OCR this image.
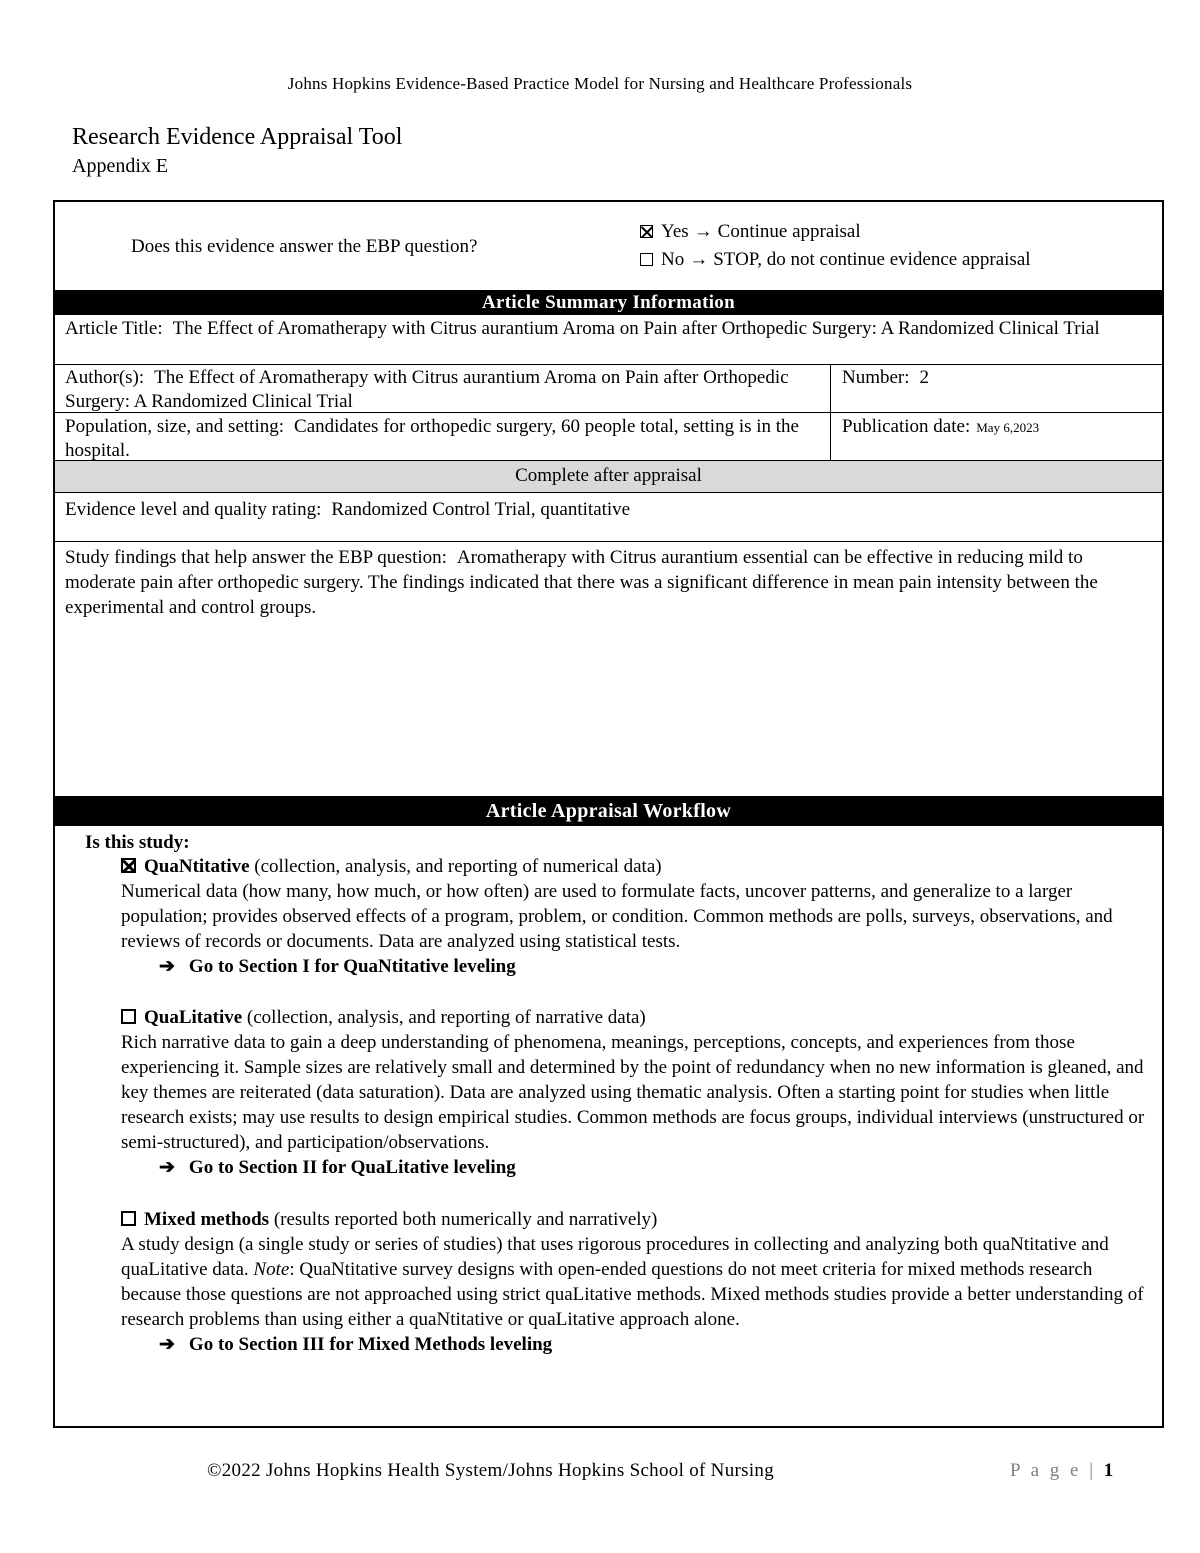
Johns Hopkins Evidence-Based Practice Model for Nursing and Healthcare Professionals
Research Evidence Appraisal Tool
Appendix E
Does this evidence answer the EBP question?
Yes → Continue appraisal
No → STOP, do not continue evidence appraisal
Article Summary Information
Article Title: The Effect of Aromatherapy with Citrus aurantium Aroma on Pain after Orthopedic Surgery: A Randomized Clinical Trial
Author(s): The Effect of Aromatherapy with Citrus aurantium Aroma on Pain after Orthopedic Surgery: A Randomized Clinical Trial
Number: 2
Population, size, and setting: Candidates for orthopedic surgery, 60 people total, setting is in the hospital.
Publication date: May 6,2023
Complete after appraisal
Evidence level and quality rating: Randomized Control Trial, quantitative
Study findings that help answer the EBP question: Aromatherapy with Citrus aurantium essential can be effective in reducing mild to moderate pain after orthopedic surgery. The findings indicated that there was a significant difference in mean pain intensity between the experimental and control groups.
Article Appraisal Workflow
Is this study:
QuaNtitative (collection, analysis, and reporting of numerical data)
Numerical data (how many, how much, or how often) are used to formulate facts, uncover patterns, and generalize to a larger population; provides observed effects of a program, problem, or condition. Common methods are polls, surveys, observations, and reviews of records or documents. Data are analyzed using statistical tests.
➔ Go to Section I for QuaNtitative leveling
QuaLitative (collection, analysis, and reporting of narrative data)
Rich narrative data to gain a deep understanding of phenomena, meanings, perceptions, concepts, and experiences from those experiencing it. Sample sizes are relatively small and determined by the point of redundancy when no new information is gleaned, and key themes are reiterated (data saturation). Data are analyzed using thematic analysis. Often a starting point for studies when little research exists; may use results to design empirical studies. Common methods are focus groups, individual interviews (unstructured or semi-structured), and participation/observations.
➔ Go to Section II for QuaLitative leveling
Mixed methods (results reported both numerically and narratively)
A study design (a single study or series of studies) that uses rigorous procedures in collecting and analyzing both quaNtitative and quaLitative data. Note: QuaNtitative survey designs with open-ended questions do not meet criteria for mixed methods research because those questions are not approached using strict quaLitative methods. Mixed methods studies provide a better understanding of research problems than using either a quaNtitative or quaLitative approach alone.
➔ Go to Section III for Mixed Methods leveling
©2022 Johns Hopkins Health System/Johns Hopkins School of Nursing	P a g e | 1
